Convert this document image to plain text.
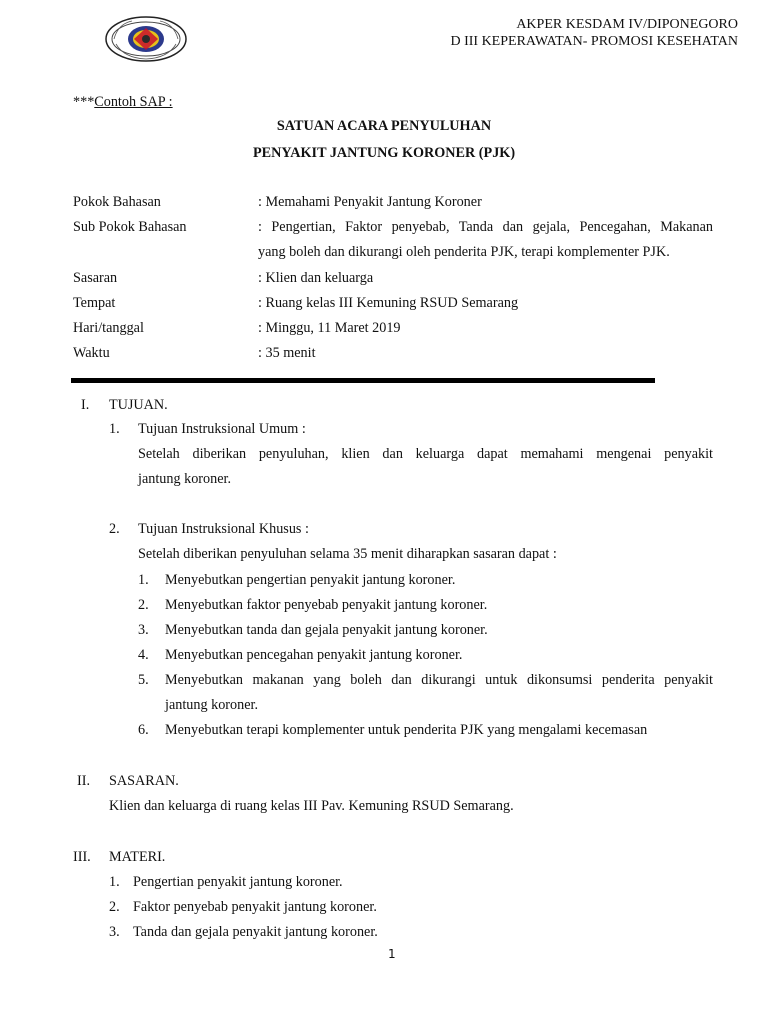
AKPER KESDAM IV/DIPONEGORO
D III KEPERAWATAN- PROMOSI KESEHATAN
***Contoh SAP :
SATUAN ACARA PENYULUHAN
PENYAKIT JANTUNG KORONER (PJK)
Pokok Bahasan	: Memahami Penyakit Jantung Koroner
Sub Pokok Bahasan	: Pengertian, Faktor penyebab, Tanda dan gejala, Pencegahan, Makanan
yang boleh dan dikurangi oleh penderita PJK, terapi komplementer PJK.
Sasaran	: Klien dan keluarga
Tempat	: Ruang kelas III Kemuning RSUD Semarang
Hari/tanggal	: Minggu, 11 Maret 2019
Waktu	: 35 menit
I. TUJUAN.
1. Tujuan Instruksional Umum :
Setelah diberikan penyuluhan, klien dan keluarga dapat memahami mengenai penyakit
jantung koroner.
2. Tujuan Instruksional Khusus :
Setelah diberikan penyuluhan selama 35 menit diharapkan sasaran dapat :
1. Menyebutkan pengertian penyakit jantung koroner.
2. Menyebutkan faktor penyebab penyakit jantung koroner.
3. Menyebutkan tanda dan gejala penyakit jantung koroner.
4. Menyebutkan pencegahan penyakit jantung koroner.
5. Menyebutkan makanan yang boleh dan dikurangi untuk dikonsumsi penderita penyakit
jantung koroner.
6. Menyebutkan terapi komplementer untuk penderita PJK yang mengalami kecemasan
II. SASARAN.
Klien dan keluarga di ruang kelas III Pav. Kemuning RSUD Semarang.
III. MATERI.
1. Pengertian penyakit jantung koroner.
2. Faktor penyebab penyakit jantung koroner.
3. Tanda dan gejala penyakit jantung koroner.
1
